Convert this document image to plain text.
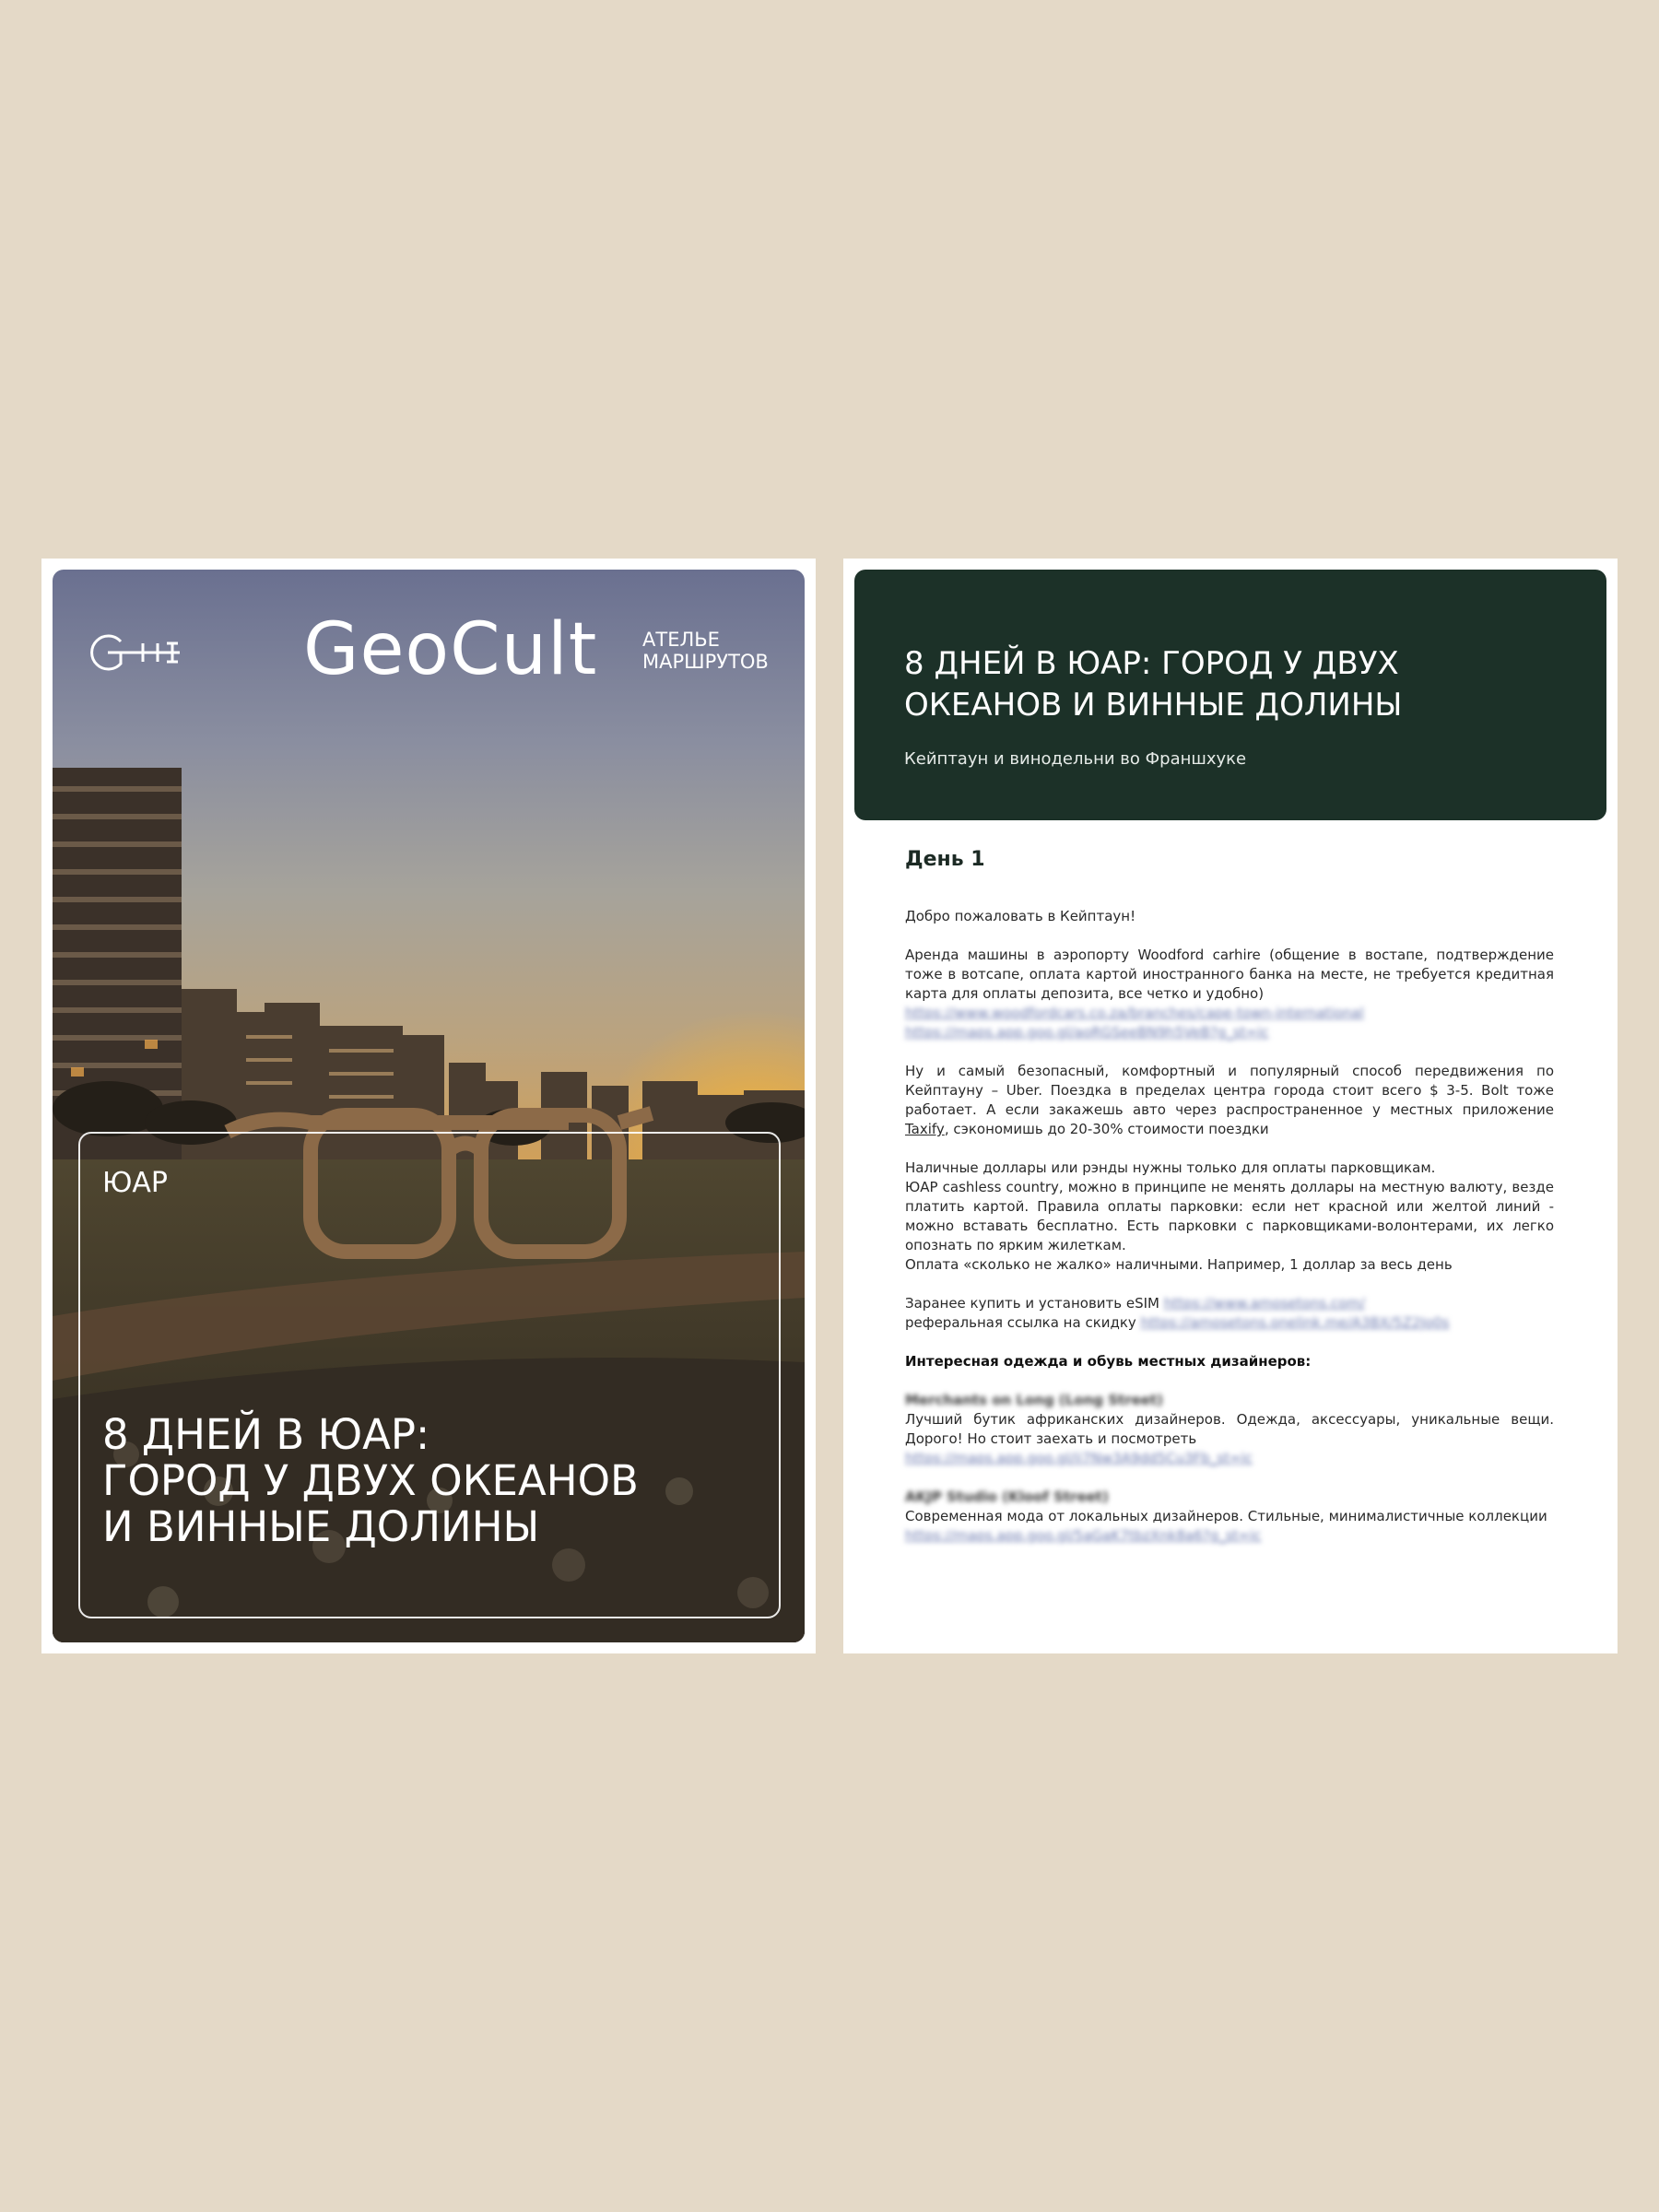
GeoCult АТЕЛЬЕ
МАРШРУТОВ
ЮАР
8 ДНЕЙ В ЮАР:
ГОРОД У ДВУХ ОКЕАНОВ
И ВИННЫЕ ДОЛИНЫ
8 ДНЕЙ В ЮАР: ГОРОД У ДВУХ
ОКЕАНОВ И ВИННЫЕ ДОЛИНЫ
Кейптаун и винодельни во Франшхуке
День 1
Добро пожаловать в Кейптаун!
Аренда машины в аэропорту Woodford carhire (общение в востапе, подтверждение тоже в вотсапе, оплата картой иностранного банка на месте, не требуется кредитная карта для оплаты депозита, все четко и удобно)
https://www.woodfordcars.co.za/branches/cape-town-international
https://maps.app.goo.gl/aoRGSeeBN9h5VeB?g_st=ic
Ну и самый безопасный, комфортный и популярный способ передвижения по Кейптауну – Uber. Поездка в пределах центра города стоит всего $ 3-5. Bolt тоже работает. А если закажешь авто через распространенное у местных приложение Taxify, сэкономишь до 20-30% стоимости поездки
Наличные доллары или рэнды нужны только для оплаты парковщикам.
ЮАР cashless country, можно в принципе не менять доллары на местную валюту, везде платить картой. Правила оплаты парковки: если нет красной или желтой линий - можно вставать бесплатно. Есть парковки с парковщиками-волонтерами, их легко опознать по ярким жилеткам.
Оплата «сколько не жалко» наличными. Например, 1 доллар за весь день
Заранее купить и установить eSIM https://www.amosetons.com/
реферальная ссылка на скидку https://amosetons.onelink.me/A3BX/5Z2Jo0s
Интересная одежда и обувь местных дизайнеров:
Merchants on Long (Long Street)
Лучший бутик африканских дизайнеров. Одежда, аксессуары, уникальные вещи. Дорого! Но стоит заехать и посмотреть
https://maps.app.goo.gl/ii7Nw3A9dd5Cu3Fb_st=ic
AKJP Studio (Kloof Street)
Современная мода от локальных дизайнеров. Стильные, минималистичные коллекции
https://maps.app.goo.gl/5aGaK7tbzXnk8a6?g_st=ic
